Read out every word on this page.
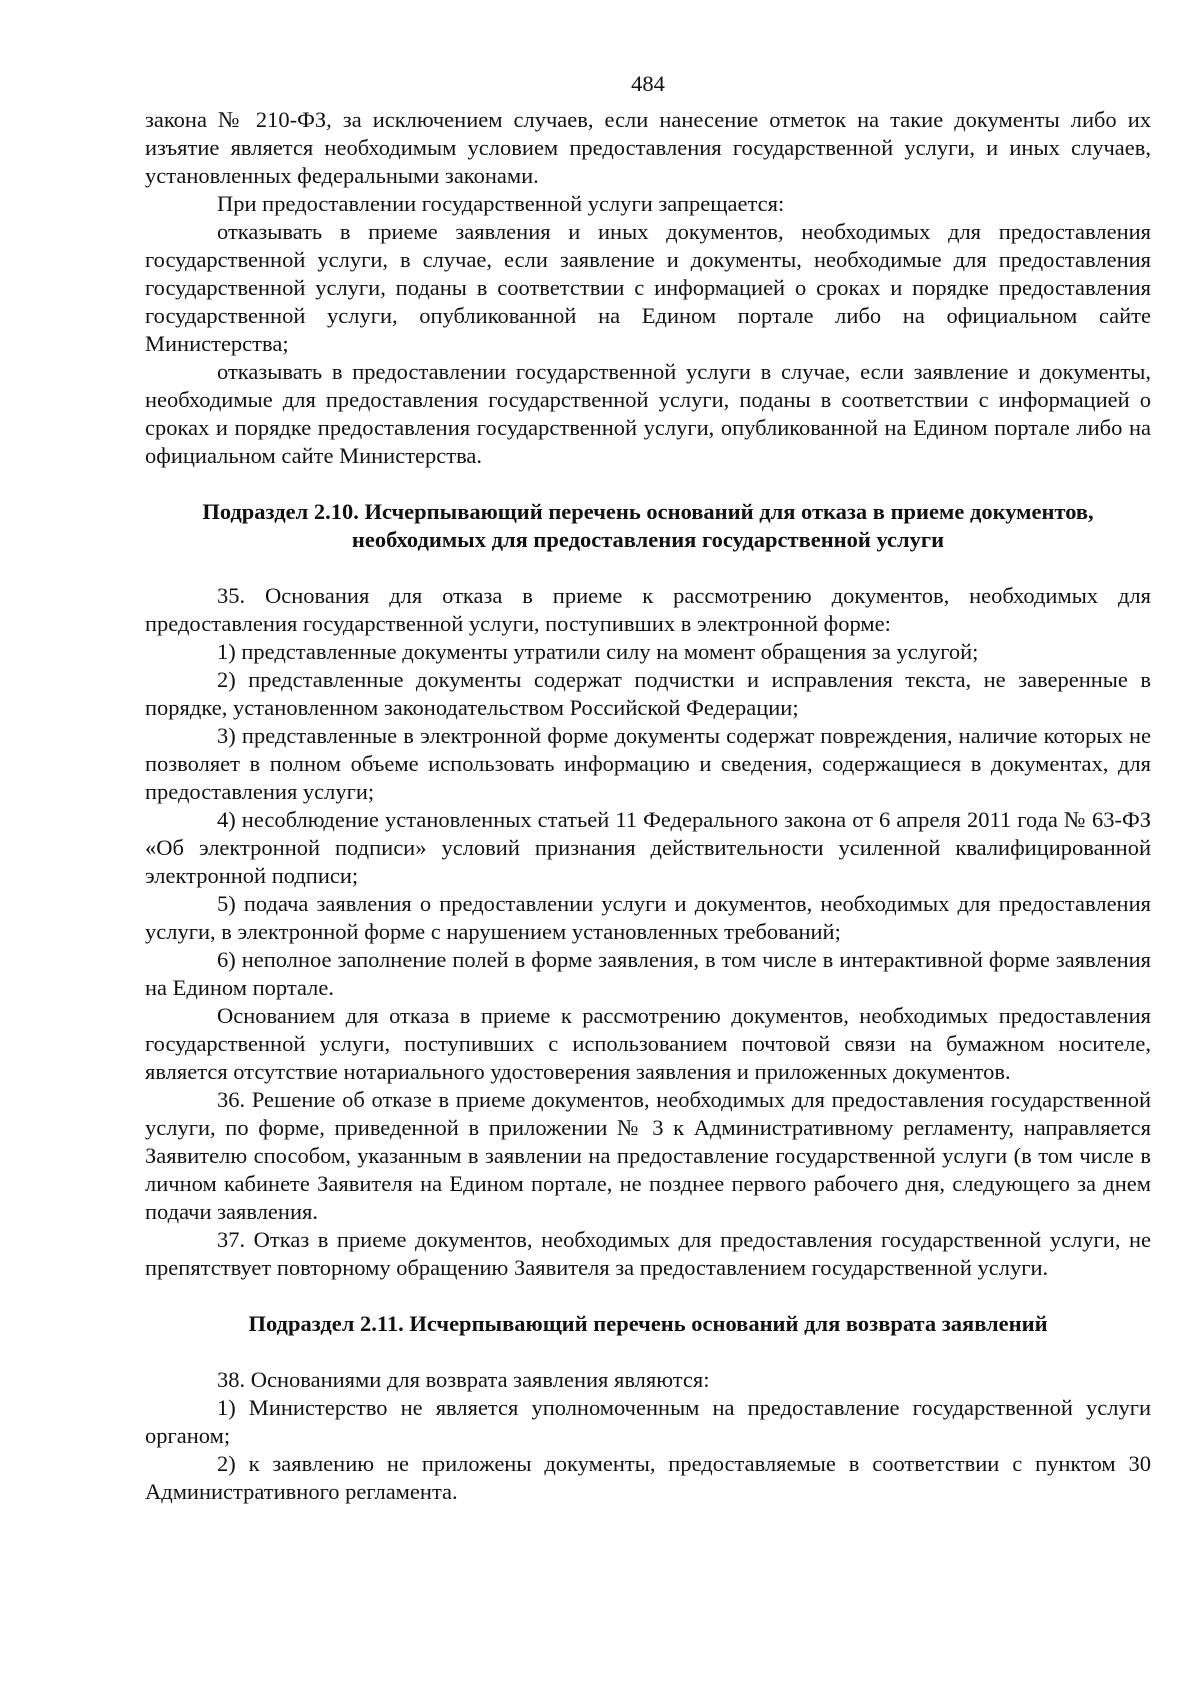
484

закона № 210-ФЗ, за исключением случаев, если нанесение отметок на такие документы либо их изъятие является необходимым условием предоставления государственной услуги, и иных случаев, установленных федеральными законами.

При предоставлении государственной услуги запрещается:

отказывать в приеме заявления и иных документов, необходимых для предоставления государственной услуги, в случае, если заявление и документы, необходимые для предоставления государственной услуги, поданы в соответствии с информацией о сроках и порядке предоставления государственной услуги, опубликованной на Едином портале либо на официальном сайте Министерства;

отказывать в предоставлении государственной услуги в случае, если заявление и документы, необходимые для предоставления государственной услуги, поданы в соответствии с информацией о сроках и порядке предоставления государственной услуги, опубликованной на Едином портале либо на официальном сайте Министерства.

Подраздел 2.10. Исчерпывающий перечень оснований для отказа в приеме документов, необходимых для предоставления государственной услуги

35. Основания для отказа в приеме к рассмотрению документов, необходимых для предоставления государственной услуги, поступивших в электронной форме:

1) представленные документы утратили силу на момент обращения за услугой;

2) представленные документы содержат подчистки и исправления текста, не заверенные в порядке, установленном законодательством Российской Федерации;

3) представленные в электронной форме документы содержат повреждения, наличие которых не позволяет в полном объеме использовать информацию и сведения, содержащиеся в документах, для предоставления услуги;

4) несоблюдение установленных статьей 11 Федерального закона от 6 апреля 2011 года № 63-ФЗ «Об электронной подписи» условий признания действительности усиленной квалифицированной электронной подписи;

5) подача заявления о предоставлении услуги и документов, необходимых для предоставления услуги, в электронной форме с нарушением установленных требований;

6) неполное заполнение полей в форме заявления, в том числе в интерактивной форме заявления на Едином портале.

Основанием для отказа в приеме к рассмотрению документов, необходимых предоставления государственной услуги, поступивших с использованием почтовой связи на бумажном носителе, является отсутствие нотариального удостоверения заявления и приложенных документов.

36. Решение об отказе в приеме документов, необходимых для предоставления государственной услуги, по форме, приведенной в приложении № 3 к Административному регламенту, направляется Заявителю способом, указанным в заявлении на предоставление государственной услуги (в том числе в личном кабинете Заявителя на Едином портале, не позднее первого рабочего дня, следующего за днем подачи заявления.

37. Отказ в приеме документов, необходимых для предоставления государственной услуги, не препятствует повторному обращению Заявителя за предоставлением государственной услуги.

Подраздел 2.11. Исчерпывающий перечень оснований для возврата заявлений

38. Основаниями для возврата заявления являются:

1) Министерство не является уполномоченным на предоставление государственной услуги органом;

2) к заявлению не приложены документы, предоставляемые в соответствии с пунктом 30 Административного регламента.
